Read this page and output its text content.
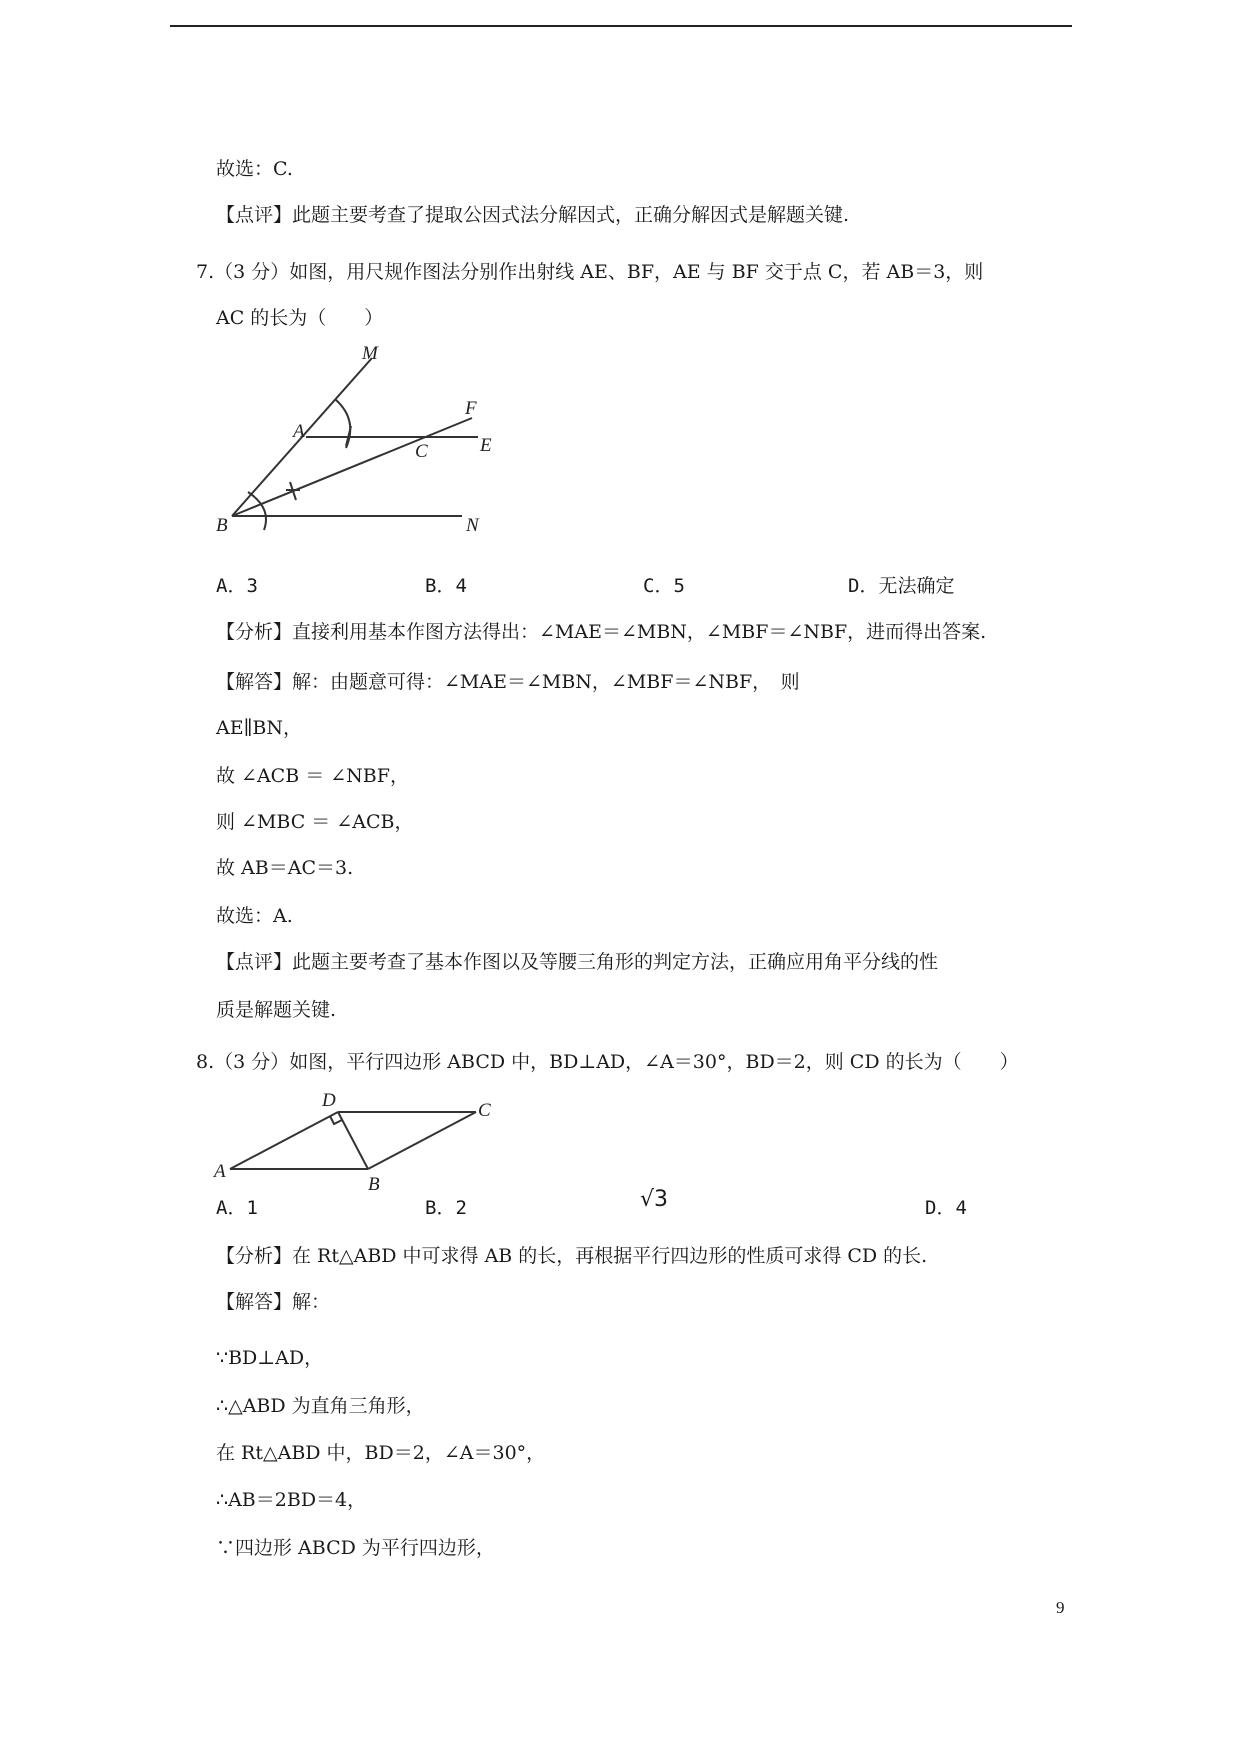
故选：C.
【点评】此题主要考查了提取公因式法分解因式，正确分解因式是解题关键.
7.（3 分）如图，用尺规作图法分别作出射线 AE、BF，AE 与 BF 交于点 C，若 AB＝3，则
AC 的长为（　　）
M
A
F
C	E
B	N
A．3	B．4	C．5	D．无法确定
【分析】直接利用基本作图方法得出：∠MAE＝∠MBN，∠MBF＝∠NBF，进而得出答案.
【解答】解：由题意可得：∠MAE＝∠MBN，∠MBF＝∠NBF，　则
AE∥BN，
故 ∠ACB ＝ ∠NBF，
则 ∠MBC ＝ ∠ACB，
故 AB＝AC＝3.
故选：A.
【点评】此题主要考查了基本作图以及等腰三角形的判定方法，正确应用角平分线的性
质是解题关键.
8.（3 分）如图，平行四边形 ABCD 中，BD⊥AD，∠A＝30°，BD＝2，则 CD 的长为（　　）
D	C
A
B
A．1	B．2	√3	D．4
【分析】在 Rt△ABD 中可求得 AB 的长，再根据平行四边形的性质可求得 CD 的长.
【解答】解：
∵BD⊥AD，
∴△ABD 为直角三角形，
在 Rt△ABD 中，BD＝2，∠A＝30°，
∴AB＝2BD＝4，
∵四边形 ABCD 为平行四边形，
9
